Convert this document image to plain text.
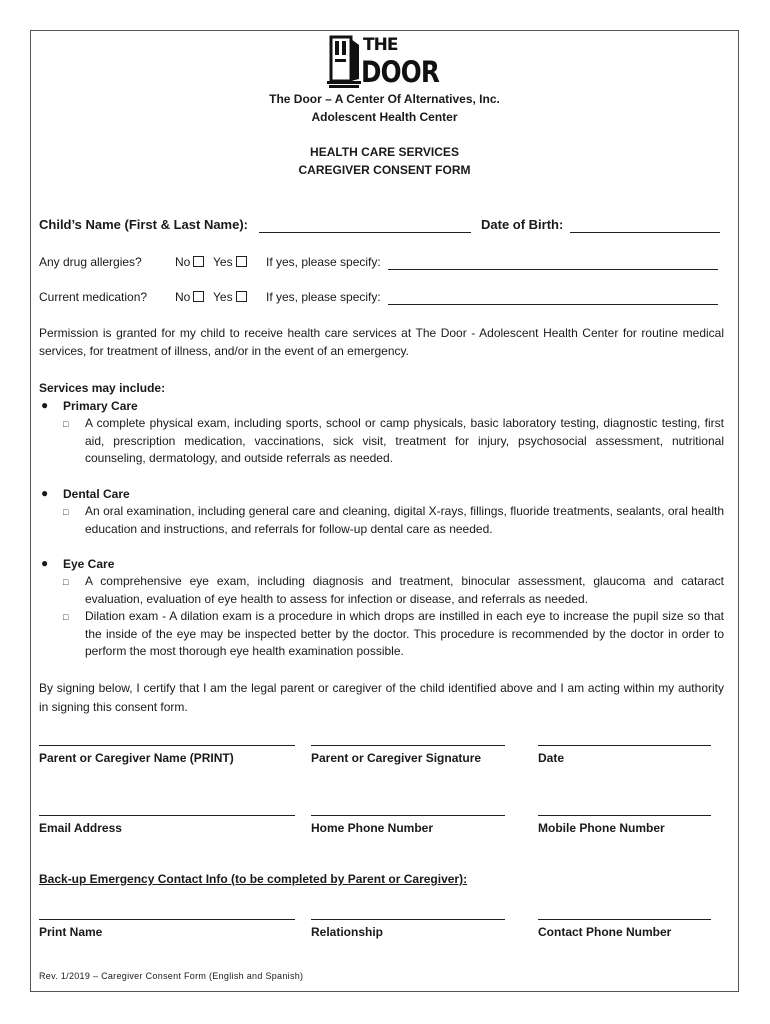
THE
DOOR
The Door – A Center Of Alternatives, Inc.
Adolescent Health Center
HEALTH CARE SERVICES
CAREGIVER CONSENT FORM
Child’s Name (First & Last Name):	Date of Birth:
Any drug allergies?	No	Yes	If yes, please specify:
Current medication? No	Yes	If yes, please specify:
Permission is granted for my child to receive health care services at The Door - Adolescent Health Center for routine medical services, for treatment of illness, and/or in the event of an emergency.
Services may include:
● Primary Care
□ A complete physical exam, including sports, school or camp physicals, basic laboratory testing, diagnostic testing, first aid, prescription medication, vaccinations, sick visit, treatment for injury, psychosocial assessment, nutritional counseling, dermatology, and outside referrals as needed.
● Dental Care
□ An oral examination, including general care and cleaning, digital X-rays, fillings, fluoride treatments, sealants, oral health education and instructions, and referrals for follow-up dental care as needed.
● Eye Care
□ A comprehensive eye exam, including diagnosis and treatment, binocular assessment, glaucoma and cataract evaluation, evaluation of eye health to assess for infection or disease, and referrals as needed.
□ Dilation exam - A dilation exam is a procedure in which drops are instilled in each eye to increase the pupil size so that the inside of the eye may be inspected better by the doctor. This procedure is recommended by the doctor in order to perform the most thorough eye health examination possible.
By signing below, I certify that I am the legal parent or caregiver of the child identified above and I am acting within my authority in signing this consent form.
Parent or Caregiver Name (PRINT)	Parent or Caregiver Signature	Date
Email Address	Home Phone Number	Mobile Phone Number
Back-up Emergency Contact Info (to be completed by Parent or Caregiver):
Print Name	Relationship	Contact Phone Number
Rev. 1/2019 – Caregiver Consent Form (English and Spanish)
